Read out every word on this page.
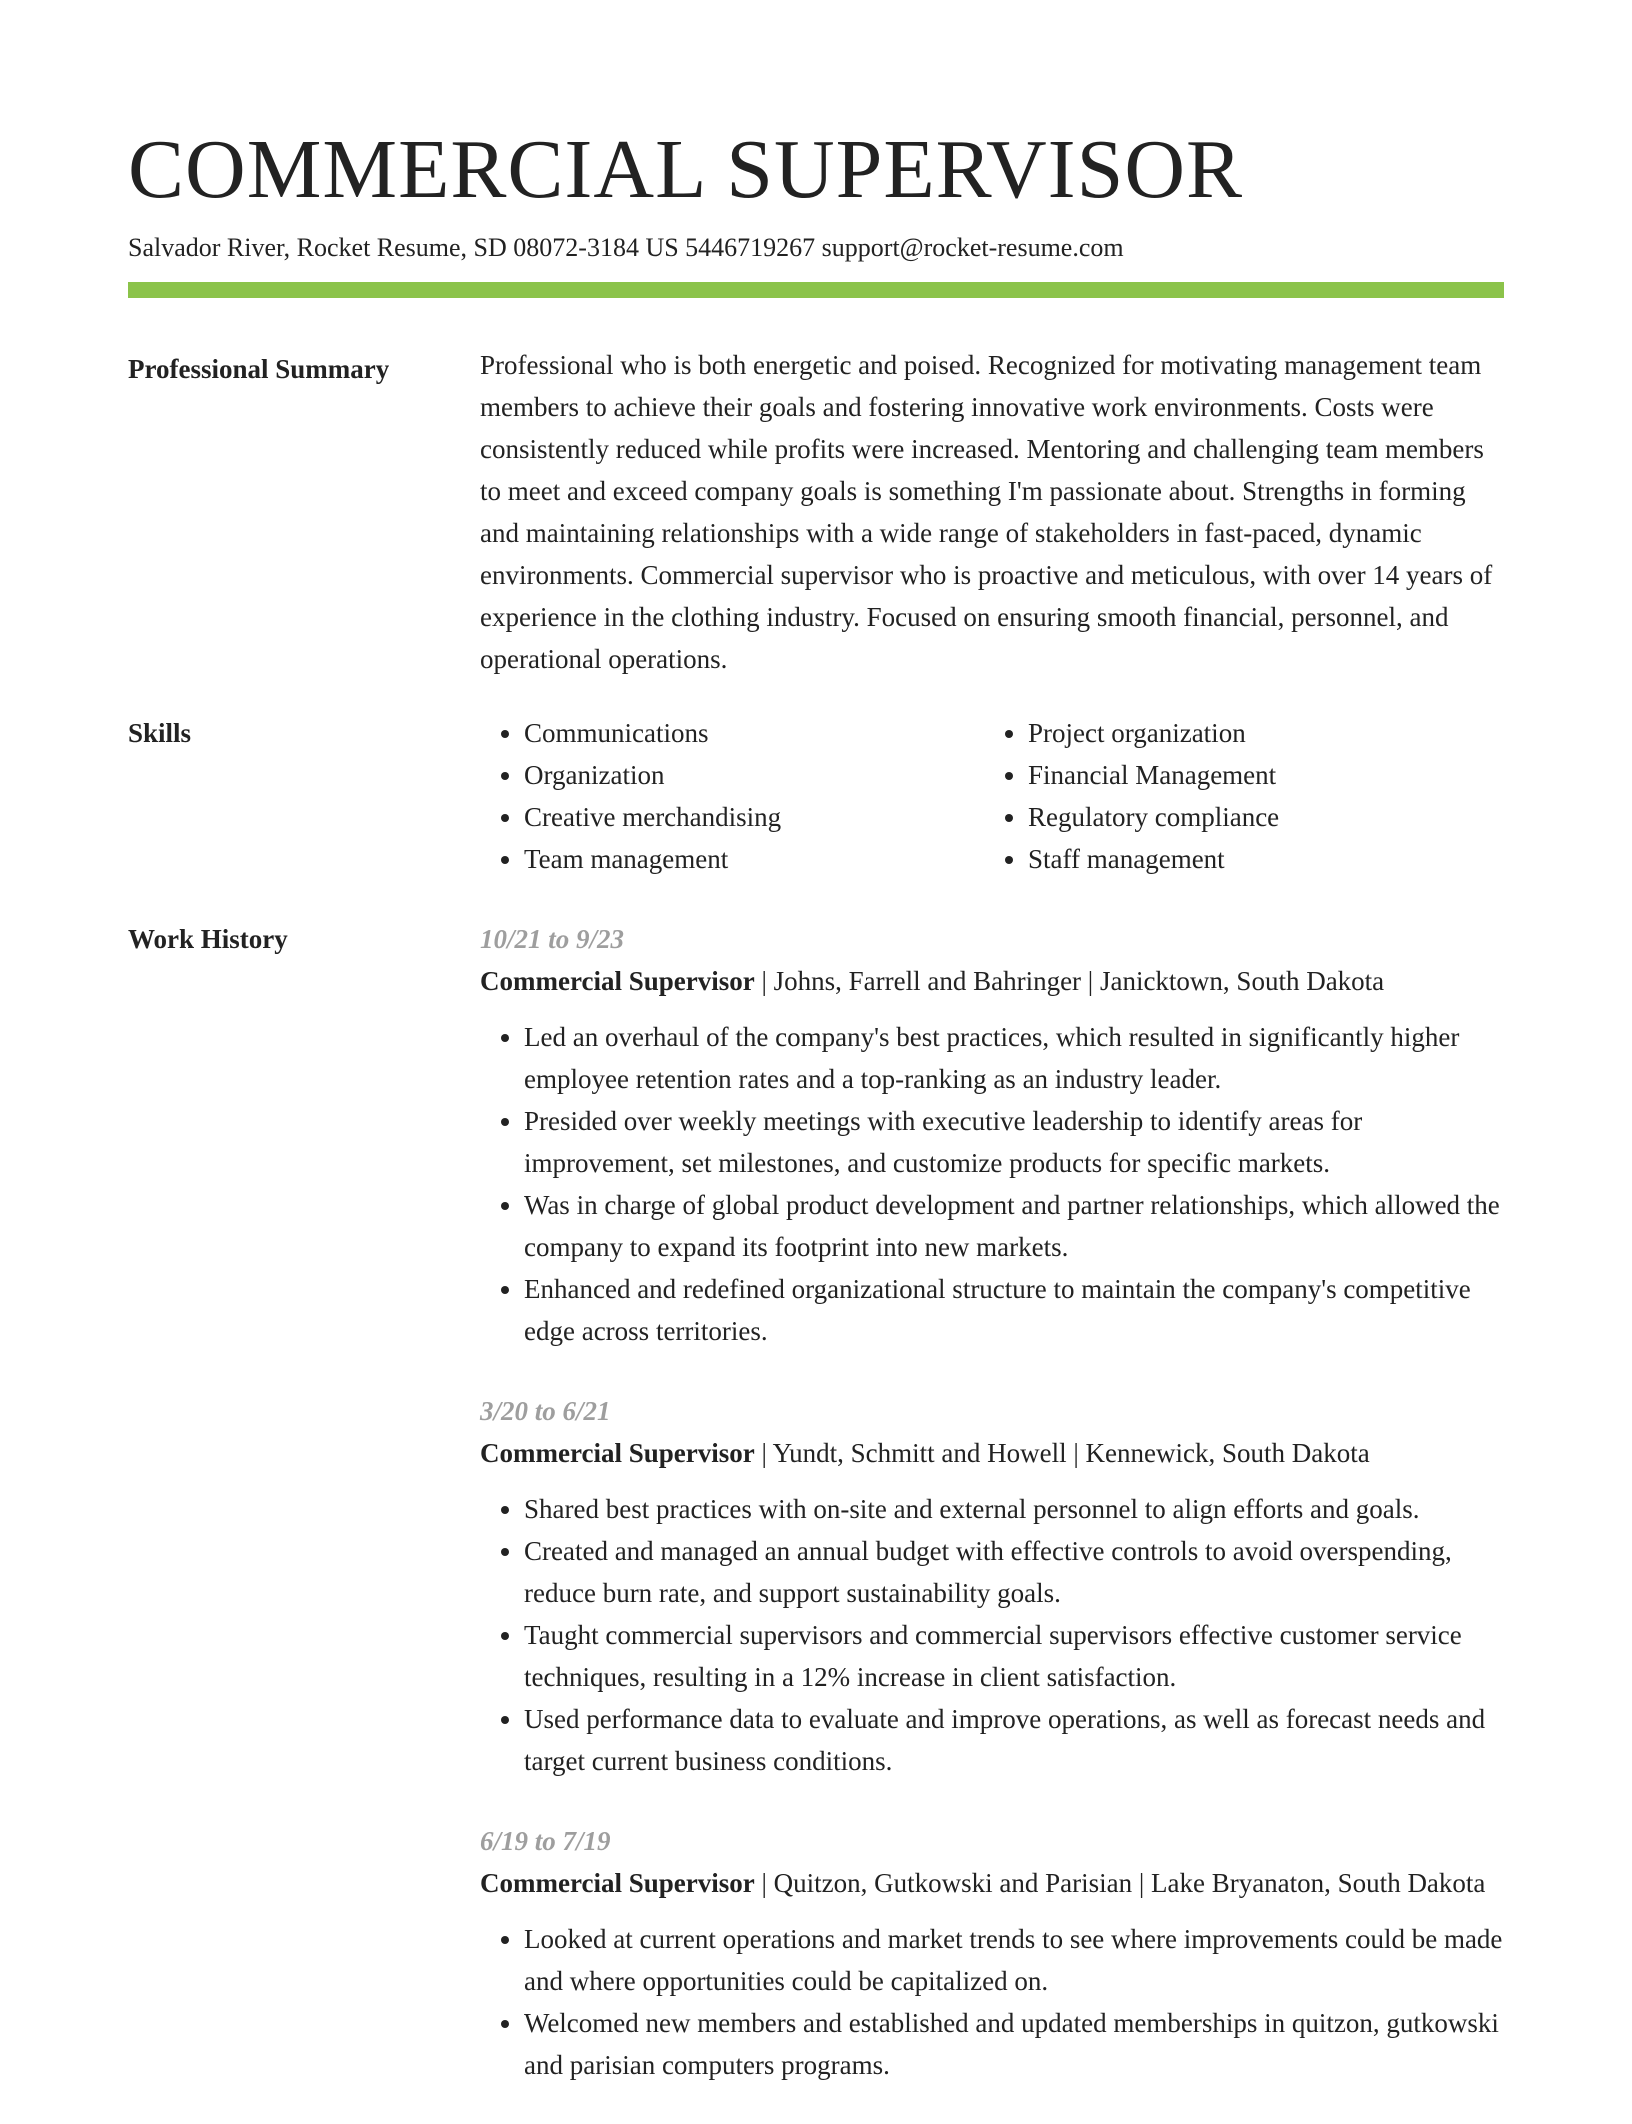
COMMERCIAL SUPERVISOR
Salvador River, Rocket Resume, SD 08072-3184 US 5446719267 support@rocket-resume.com
Professional Summary	Professional who is both energetic and poised. Recognized for motivating management team members to achieve their goals and fostering innovative work environments. Costs were consistently reduced while profits were increased. Mentoring and challenging team members to meet and exceed company goals is something I'm passionate about. Strengths in forming and maintaining relationships with a wide range of stakeholders in fast-paced, dynamic environments. Commercial supervisor who is proactive and meticulous, with over 14 years of experience in the clothing industry. Focused on ensuring smooth financial, personnel, and operational operations.

Skills
•	Communications
• Organization
• Creative merchandising
• Team management
• Project organization
• Financial Management
• Regulatory compliance
• Staff management
Work History	10/21 to 9/23
Commercial Supervisor | Johns, Farrell and Bahringer | Janicktown, South Dakota
• Led an overhaul of the company's best practices, which resulted in significantly higher employee retention rates and a top-ranking as an industry leader.
• Presided over weekly meetings with executive leadership to identify areas for improvement, set milestones, and customize products for specific markets.
• Was in charge of global product development and partner relationships, which allowed the company to expand its footprint into new markets.
• Enhanced and redefined organizational structure to maintain the company's competitive edge across territories.
3/20 to 6/21
Commercial Supervisor | Yundt, Schmitt and Howell | Kennewick, South Dakota
• Shared best practices with on-site and external personnel to align efforts and goals.
• Created and managed an annual budget with effective controls to avoid overspending, reduce burn rate, and support sustainability goals.
• Taught commercial supervisors and commercial supervisors effective customer service techniques, resulting in a 12% increase in client satisfaction.
• Used performance data to evaluate and improve operations, as well as forecast needs and target current business conditions.
6/19 to 7/19
Commercial Supervisor | Quitzon, Gutkowski and Parisian | Lake Bryanaton, South Dakota
• Looked at current operations and market trends to see where improvements could be made and where opportunities could be capitalized on.
• Welcomed new members and established and updated memberships in quitzon, gutkowski and parisian computers programs.
